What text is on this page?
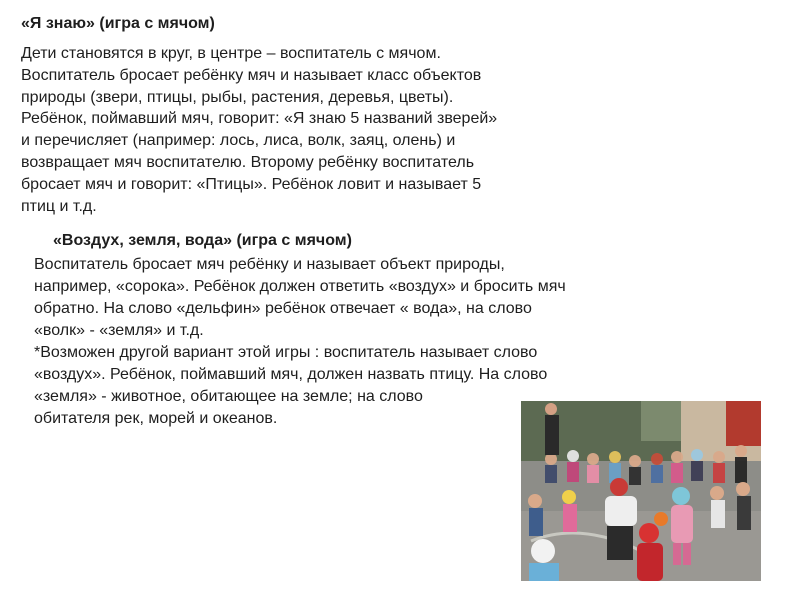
«Я знаю» (игра с мячом)

Дети становятся в круг, в центре – воспитатель с мячом.
Воспитатель бросает ребёнку мяч и называет класс объектов
природы (звери, птицы, рыбы, растения, деревья, цветы).
Ребёнок, поймавший мяч, говорит: «Я знаю 5 названий зверей»
и перечисляет (например: лось, лиса, волк, заяц, олень) и
возвращает мяч воспитателю. Второму ребёнку воспитатель
бросает мяч и говорит: «Птицы». Ребёнок ловит и называет 5
птиц и т.д.

«Воздух, земля, вода» (игра с мячом)

Воспитатель бросает мяч ребёнку и называет объект природы,
например, «сорока». Ребёнок должен ответить «воздух» и бросить мяч
обратно. На слово «дельфин» ребёнок отвечает « вода», на слово
«волк» - «земля» и т.д.
*Возможен другой вариант этой игры : воспитатель называет слово
«воздух». Ребёнок, поймавший мяч, должен назвать птицу. На слово
«земля» - животное, обитающее на земле; на слово
обитателя рек, морей и океанов.
